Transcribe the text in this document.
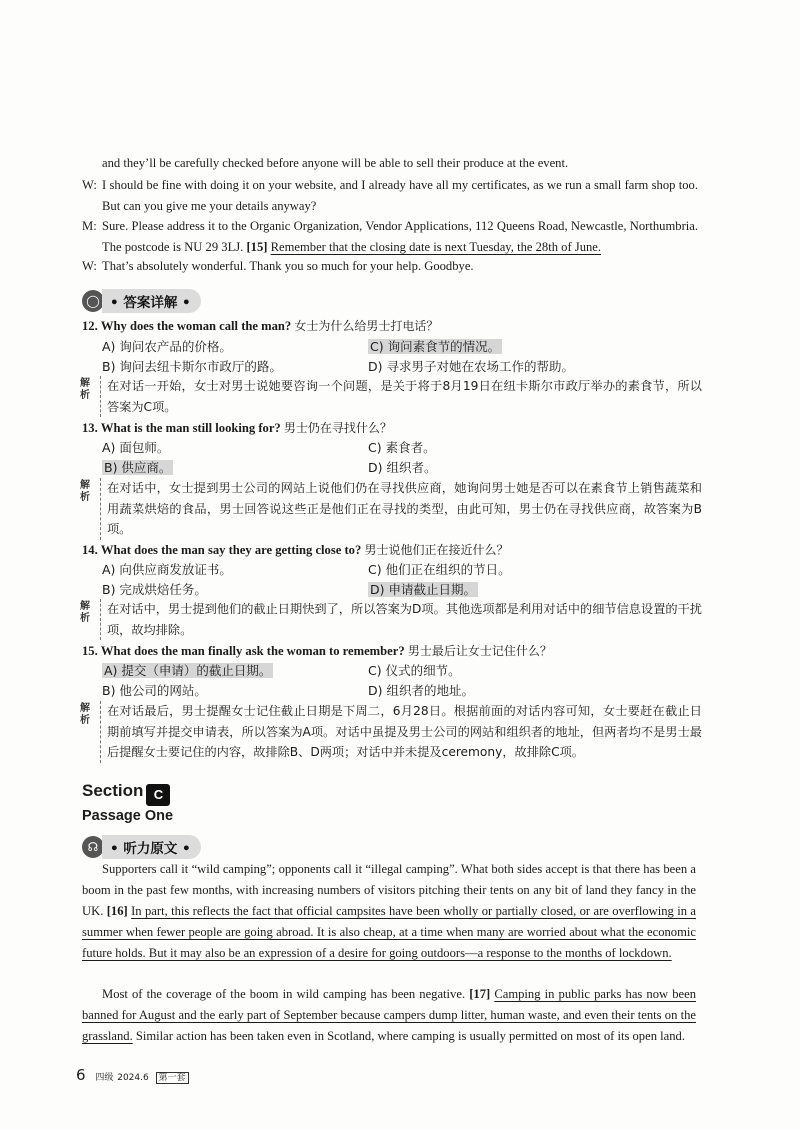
and they’ll be carefully checked before anyone will be able to sell their produce at the event.
W: I should be fine with doing it on your website, and I already have all my certificates, as we run a small farm shop too. But can you give me your details anyway?
M: Sure. Please address it to the Organic Organization, Vendor Applications, 112 Queens Road, Newcastle, Northumbria. The postcode is NU 29 3LJ. [15] Remember that the closing date is next Tuesday, the 28th of June.
W: That’s absolutely wonderful. Thank you so much for your help. Goodbye.
◯ • 答案详解 •
12. Why does the woman call the man? 女士为什么给男士打电话？
A) 询问农产品的价格。	C) 询问素食节的情况。
B) 询问去纽卡斯尔市政厅的路。	D) 寻求男子对她在农场工作的帮助。
解析
在对话一开始，女士对男士说她要咨询一个问题，是关于将于8月19日在纽卡斯尔市政厅举办的素食节，所以答案为C项。
13. What is the man still looking for? 男士仍在寻找什么？
A) 面包师。	C) 素食者。
B) 供应商。	D) 组织者。
解析
在对话中，女士提到男士公司的网站上说他们仍在寻找供应商，她询问男士她是否可以在素食节上销售蔬菜和用蔬菜烘焙的食品，男士回答说这些正是他们正在寻找的类型，由此可知，男士仍在寻找供应商，故答案为B项。
14. What does the man say they are getting close to? 男士说他们正在接近什么？
A) 向供应商发放证书。	C) 他们正在组织的节日。
B) 完成烘焙任务。	D) 申请截止日期。
解析
在对话中，男士提到他们的截止日期快到了，所以答案为D项。其他选项都是利用对话中的细节信息设置的干扰项，故均排除。
15. What does the man finally ask the woman to remember? 男士最后让女士记住什么？
A) 提交（申请）的截止日期。	C) 仪式的细节。
B) 他公司的网站。	D) 组织者的地址。
解析
在对话最后，男士提醒女士记住截止日期是下周二，6月28日。根据前面的对话内容可知，女士要赶在截止日期前填写并提交申请表，所以答案为A项。对话中虽提及男士公司的网站和组织者的地址，但两者均不是男士最后提醒女士要记住的内容，故排除B、D两项；对话中并未提及ceremony，故排除C项。
Section C
Passage One
☊ • 听力原文 •
Supporters call it “wild camping”; opponents call it “illegal camping”. What both sides accept is that there has been a boom in the past few months, with increasing numbers of visitors pitching their tents on any bit of land they fancy in the UK. [16] In part, this reflects the fact that official campsites have been wholly or partially closed, or are overflowing in a summer when fewer people are going abroad. It is also cheap, at a time when many are worried about what the economic future holds. But it may also be an expression of a desire for going outdoors—a response to the months of lockdown.
Most of the coverage of the boom in wild camping has been negative. [17] Camping in public parks has now been banned for August and the early part of September because campers dump litter, human waste, and even their tents on the grassland. Similar action has been taken even in Scotland, where camping is usually permitted on most of its open land.
6 四级 2024.6 第一套
